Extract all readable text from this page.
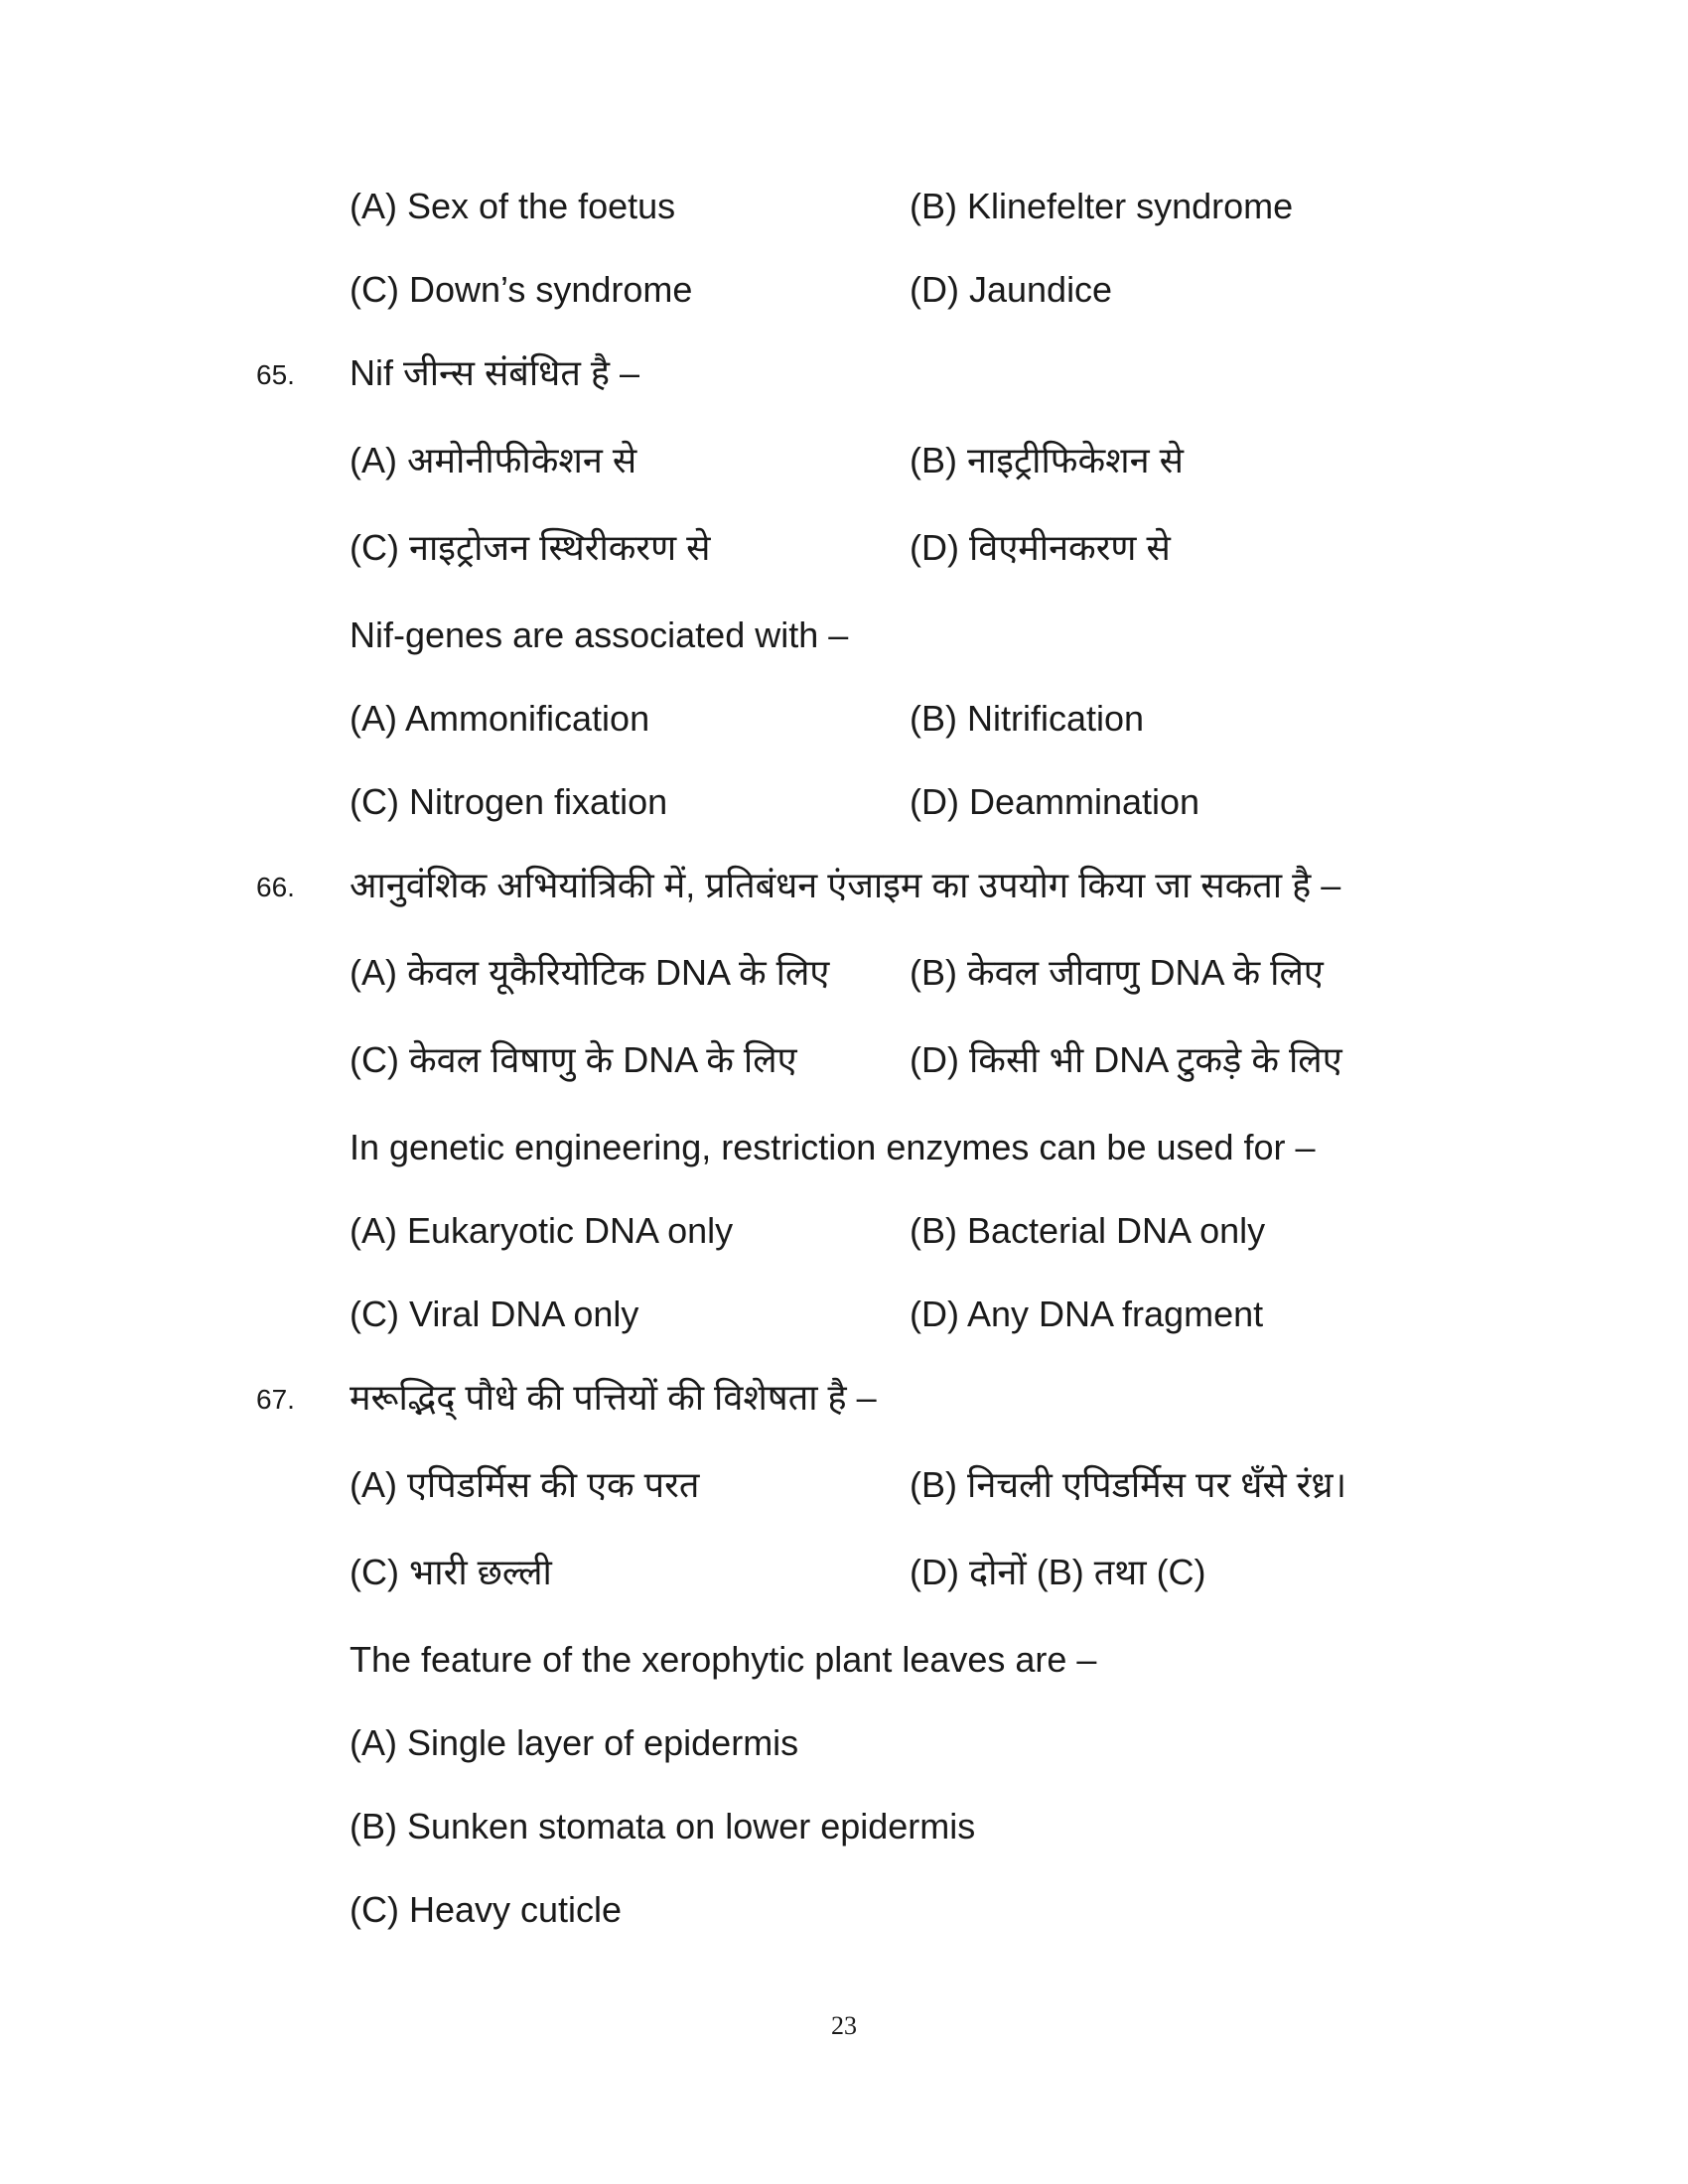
(A) Sex of the foetus	(B) Klinefelter syndrome
(C) Down’s syndrome	(D) Jaundice
65. Nif जीन्स संबंधित है –
(A) अमोनीफीकेशन से	(B) नाइट्रीफिकेशन से
(C) नाइट्रोजन स्थिरीकरण से	(D) विएमीनकरण से
Nif-genes are associated with –
(A) Ammonification	(B) Nitrification
(C) Nitrogen fixation	(D) Deammination
66. आनुवंशिक अभियांत्रिकी में, प्रतिबंधन एंजाइम का उपयोग किया जा सकता है –
(A) केवल यूकैरियोटिक DNA के लिए (B) केवल जीवाणु DNA के लिए
(C) केवल विषाणु के DNA के लिए	(D) किसी भी DNA टुकड़े के लिए
In genetic engineering, restriction enzymes can be used for –
(A) Eukaryotic DNA only	(B) Bacterial DNA only
(C) Viral DNA only	(D) Any DNA fragment
67. मरूद्भिद् पौधे की पत्तियों की विशेषता है –
(A) एपिडर्मिस की एक परत	(B) निचली एपिडर्मिस पर धँसे रंध्र।
(C) भारी छल्ली	(D) दोनों (B) तथा (C)
The feature of the xerophytic plant leaves are –
(A) Single layer of epidermis
(B) Sunken stomata on lower epidermis
(C) Heavy cuticle
23
